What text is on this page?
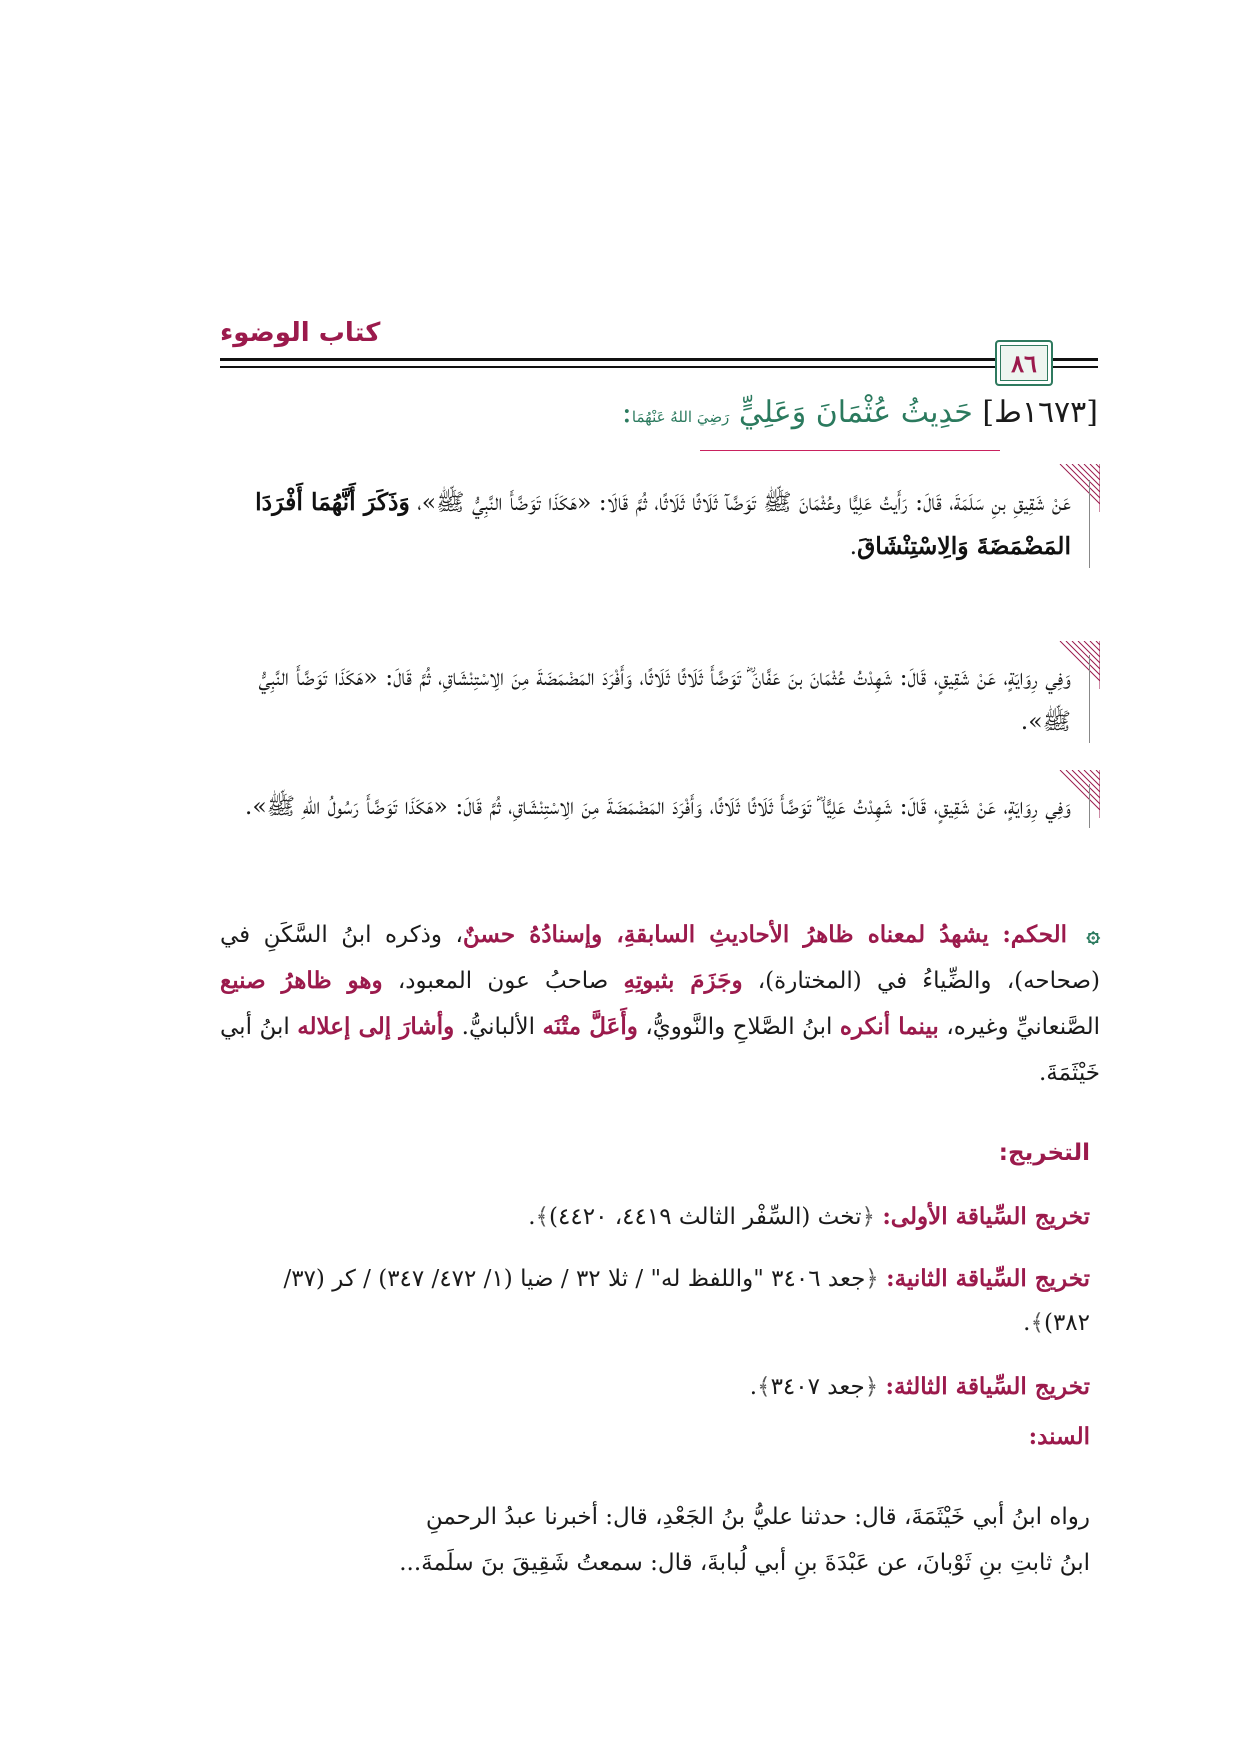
كتاب الوضوء
٨٦
[١٦٧٣ط] حَدِيثُ عُثْمَانَ وَعَلِيٍّ رَضِيَ اللهُ عَنْهُمَا:
عَنْ شَقِيقِ بنِ سَلَمَةَ، قَالَ: رَأَيتُ عَلِيًّا وعُثْمَانَ ﷺ تَوَضَّآ ثَلَاثًا ثَلَاثًا، ثُمَّ قَالَا: «هَكَذَا تَوَضَّأَ النَّبِيُّ ﷺ»، وَذَكَرَ أَنَّهُمَا أَفْرَدَا المَضْمَضَةَ وَالِاسْتِنْشَاقَ.
وَفِي رِوَايَةٍ، عَنْ شَقِيقٍ، قَالَ: شَهِدْتُ عُثْمَانَ بنَ عَفَّانَ ؓ تَوَضَّأَ ثَلَاثًا ثَلَاثًا، وَأَفْرَدَ المَضْمَضَةَ مِنَ الِاسْتِنْشَاقِ، ثُمَّ قَالَ: «هَكَذَا تَوَضَّأَ النَّبِيُّ ﷺ».
وَفِي رِوَايَةٍ، عَنْ شَقِيقٍ، قَالَ: شَهِدْتُ عَلِيًّا ؓ تَوَضَّأَ ثَلَاثًا ثَلَاثًا، وَأَفْرَدَ المَضْمَضَةَ مِنَ الِاسْتِنْشَاقِ، ثُمَّ قَالَ: «هَكَذَا تَوَضَّأَ رَسُولُ اللهِ ﷺ».
۞ الحكم: يشهدُ لمعناه ظاهرُ الأحاديثِ السابقةِ، وإسنادُهُ حسنٌ، وذكره ابنُ السَّكَنِ في (صحاحه)، والضِّياءُ في (المختارة)، وجَزَمَ بثبوتِهِ صاحبُ عون المعبود، وهو ظاهرُ صنيع الصَّنعانيِّ وغيره، بينما أنكره ابنُ الصَّلاحِ والنَّوويُّ، وأَعَلَّ متْنَه الألبانيُّ. وأشارَ إلى إعلاله ابنُ أبي خَيْثَمَةَ.
التخريج:
تخريج السِّياقة الأولى: ﴿تخث (السِّفْر الثالث ٤٤١٩، ٤٤٢٠)﴾.
تخريج السِّياقة الثانية: ﴿جعد ٣٤٠٦ "واللفظ له" / ثلا ٣٢ / ضيا (١/ ٤٧٢/ ٣٤٧) / كر (٣٧/ ٣٨٢)﴾.
تخريج السِّياقة الثالثة: ﴿جعد ٣٤٠٧﴾.
السند:
رواه ابنُ أبي خَيْثَمَةَ، قال: حدثنا عليُّ بنُ الجَعْدِ، قال: أخبرنا عبدُ الرحمنِ
ابنُ ثابتِ بنِ ثَوْبانَ، عن عَبْدَةَ بنِ أبي لُبابةَ، قال: سمعتُ شَقِيقَ بنَ سلَمةَ...
